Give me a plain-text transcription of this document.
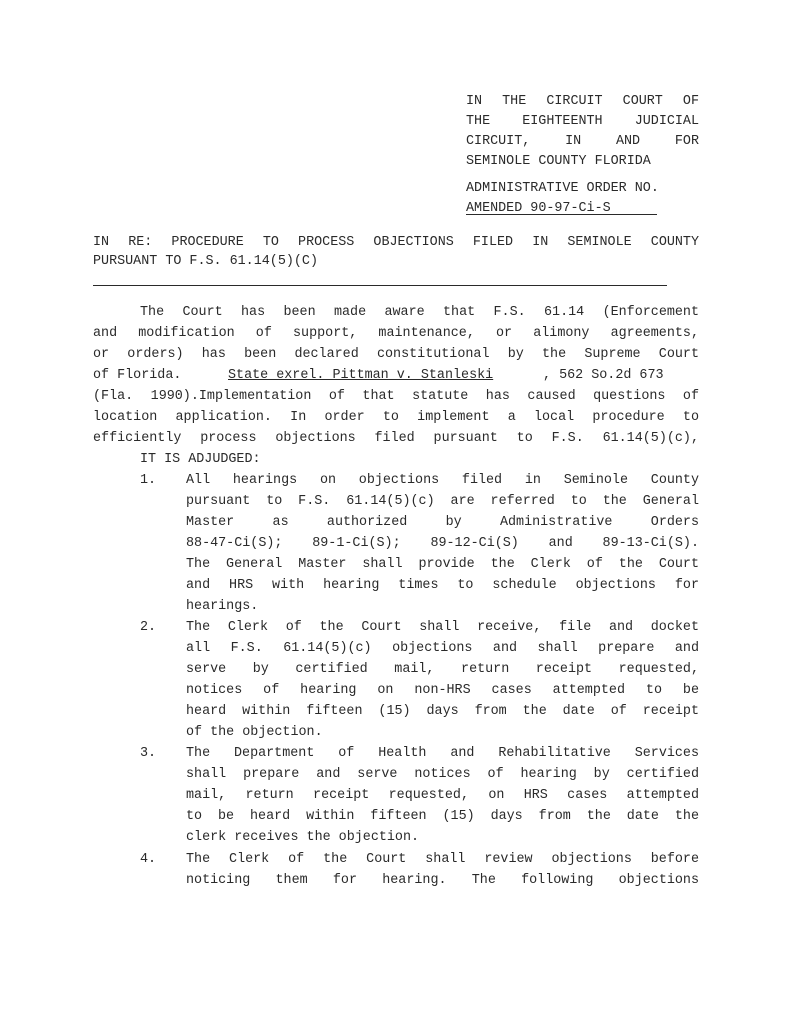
IN THE CIRCUIT COURT OF
THE EIGHTEENTH JUDICIAL
CIRCUIT, IN AND FOR
SEMINOLE COUNTY FLORIDA
ADMINISTRATIVE ORDER NO.
AMENDED 90-97-Ci-S
IN RE: PROCEDURE TO PROCESS OBJECTIONS FILED IN SEMINOLE COUNTY
PURSUANT TO F.S. 61.14(5)(C)
The Court has been made aware that F.S. 61.14 (Enforcement
and modification of support, maintenance, or alimony agreements,
or orders) has been declared constitutional by the Supreme Court
of Florida.	State exrel. Pittman v. Stanleski	, 562 So.2d 673
(Fla. 1990).Implementation of that statute has caused questions of
location application. In order to implement a local procedure to
efficiently process objections filed pursuant to F.S. 61.14(5)(c),
IT IS ADJUDGED:
1. All hearings on objections filed in Seminole County
pursuant to F.S. 61.14(5)(c) are referred to the General
Master as authorized by Administrative Orders
88-47-Ci(S); 89-1-Ci(S); 89-12-Ci(S) and 89-13-Ci(S).
The General Master shall provide the Clerk of the Court
and HRS with hearing times to schedule objections for
hearings.
2. The Clerk of the Court shall receive, file and docket
all F.S. 61.14(5)(c) objections and shall prepare and
serve by certified mail, return receipt requested,
notices of hearing on non-HRS cases attempted to be
heard within fifteen (15) days from the date of receipt
of the objection.
3. The Department of Health and Rehabilitative Services
shall prepare and serve notices of hearing by certified
mail, return receipt requested, on HRS cases attempted
to be heard within fifteen (15) days from the date the
clerk receives the objection.
4. The Clerk of the Court shall review objections before
noticing them for hearing. The following objections
